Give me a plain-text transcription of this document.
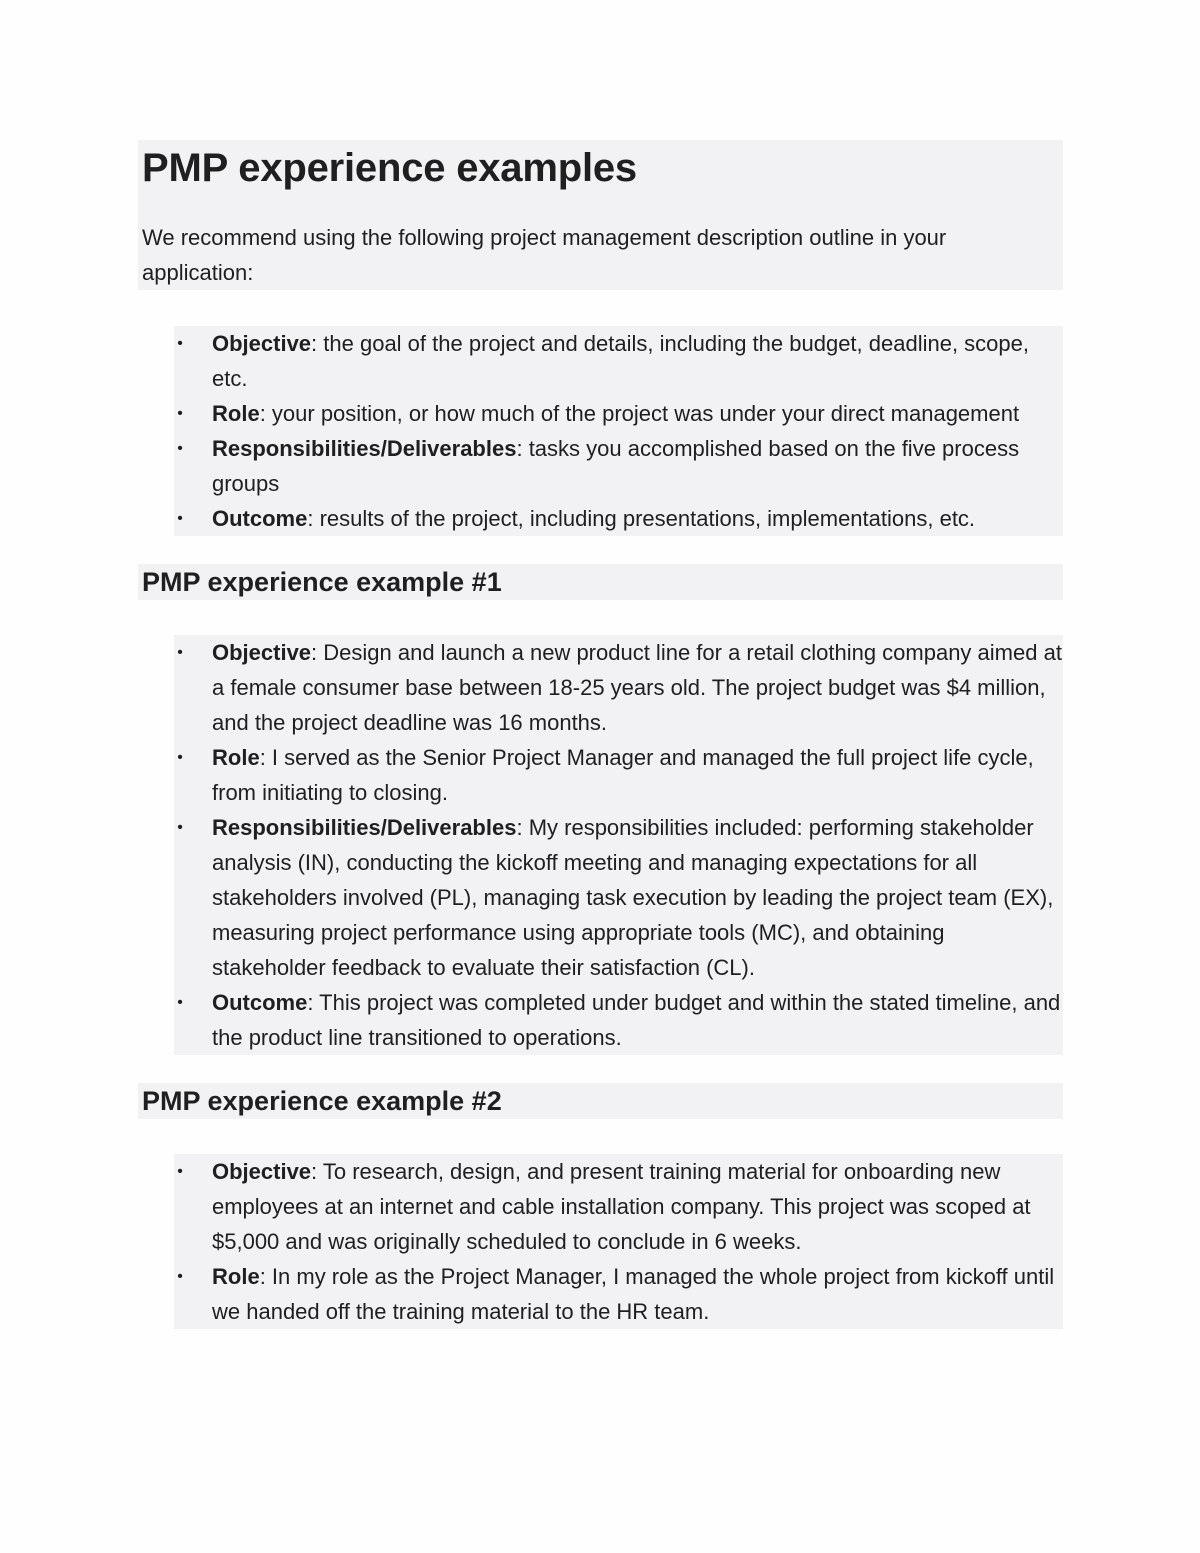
PMP experience examples

We recommend using the following project management description outline in your application:

• Objective: the goal of the project and details, including the budget, deadline, scope, etc.
• Role: your position, or how much of the project was under your direct management
• Responsibilities/Deliverables: tasks you accomplished based on the five process groups
• Outcome: results of the project, including presentations, implementations, etc.
PMP experience example #1
• Objective: Design and launch a new product line for a retail clothing company aimed at a female consumer base between 18-25 years old. The project budget was $4 million, and the project deadline was 16 months.
• Role: I served as the Senior Project Manager and managed the full project life cycle, from initiating to closing.
• Responsibilities/Deliverables: My responsibilities included: performing stakeholder analysis (IN), conducting the kickoff meeting and managing expectations for all stakeholders involved (PL), managing task execution by leading the project team (EX), measuring project performance using appropriate tools (MC), and obtaining stakeholder feedback to evaluate their satisfaction (CL).
• Outcome: This project was completed under budget and within the stated timeline, and the product line transitioned to operations.
PMP experience example #2
• Objective: To research, design, and present training material for onboarding new employees at an internet and cable installation company. This project was scoped at $5,000 and was originally scheduled to conclude in 6 weeks.
• Role: In my role as the Project Manager, I managed the whole project from kickoff until we handed off the training material to the HR team.
